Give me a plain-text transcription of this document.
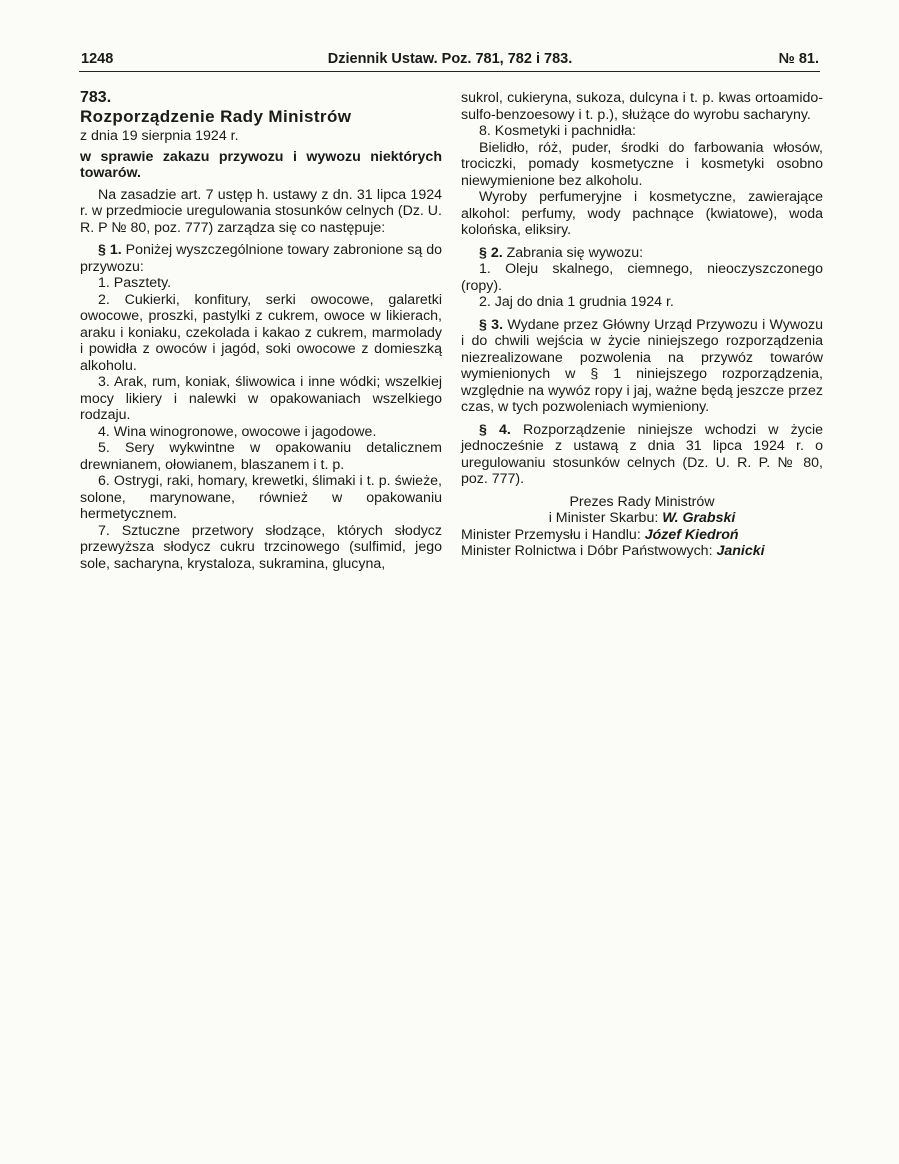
1248	Dziennik Ustaw. Poz. 781, 782 i 783.	№ 81.

783.

Rozporządzenie Rady Ministrów

z dnia 19 sierpnia 1924 r.

w sprawie zakazu przywozu i wywozu niektórych towarów.

Na zasadzie art. 7 ustęp h. ustawy z dn. 31 lipca 1924 r. w przedmiocie uregulowania stosunków celnych (Dz. U. R. P № 80, poz. 777) zarządza się co następuje:

§ 1. Poniżej wyszczególnione towary zabronione są do przywozu:

1. Pasztety.

2. Cukierki, konfitury, serki owocowe, galaretki owocowe, proszki, pastylki z cukrem, owoce w likierach, araku i koniaku, czekolada i kakao z cukrem, marmolady i powidła z owoców i jagód, soki owocowe z domieszką alkoholu.

3. Arak, rum, koniak, śliwowica i inne wódki; wszelkiej mocy likiery i nalewki w opakowaniach wszelkiego rodzaju.

4. Wina winogronowe, owocowe i jagodowe.

5. Sery wykwintne w opakowaniu detalicznem drewnianem, ołowianem, blaszanem i t. p.

6. Ostrygi, raki, homary, krewetki, ślimaki i t. p. świeże, solone, marynowane, również w opakowaniu hermetycznem.

7. Sztuczne przetwory słodzące, których słodycz przewyższa słodycz cukru trzcinowego (sulfimid, jego sole, sacharyna, krystaloza, sukramina, glucyna,

sukrol, cukieryna, sukoza, dulcyna i t. p. kwas ortoamido-sulfo-benzoesowy i t. p.), służące do wyrobu sacharyny.

8. Kosmetyki i pachnidła:

Bielidło, róż, puder, środki do farbowania włosów, trociczki, pomady kosmetyczne i kosmetyki osobno niewymienione bez alkoholu.

Wyroby perfumeryjne i kosmetyczne, zawierające alkohol: perfumy, wody pachnące (kwiatowe), woda kolońska, eliksiry.

§ 2. Zabrania się wywozu:

1. Oleju skalnego, ciemnego, nieoczyszczonego (ropy).

2. Jaj do dnia 1 grudnia 1924 r.

§ 3. Wydane przez Główny Urząd Przywozu i Wywozu i do chwili wejścia w życie niniejszego rozporządzenia niezrealizowane pozwolenia na przywóz towarów wymienionych w § 1 niniejszego rozporządzenia, względnie na wywóz ropy i jaj, ważne będą jeszcze przez czas, w tych pozwoleniach wymieniony.

§ 4. Rozporządzenie niniejsze wchodzi w życie jednocześnie z ustawą z dnia 31 lipca 1924 r. o uregulowaniu stosunków celnych (Dz. U. R. P. № 80, poz. 777).

Prezes Rady Ministrów

i Minister Skarbu: W. Grabski

Minister Przemysłu i Handlu: Józef Kiedroń

Minister Rolnictwa i Dóbr Państwowych: Janicki
